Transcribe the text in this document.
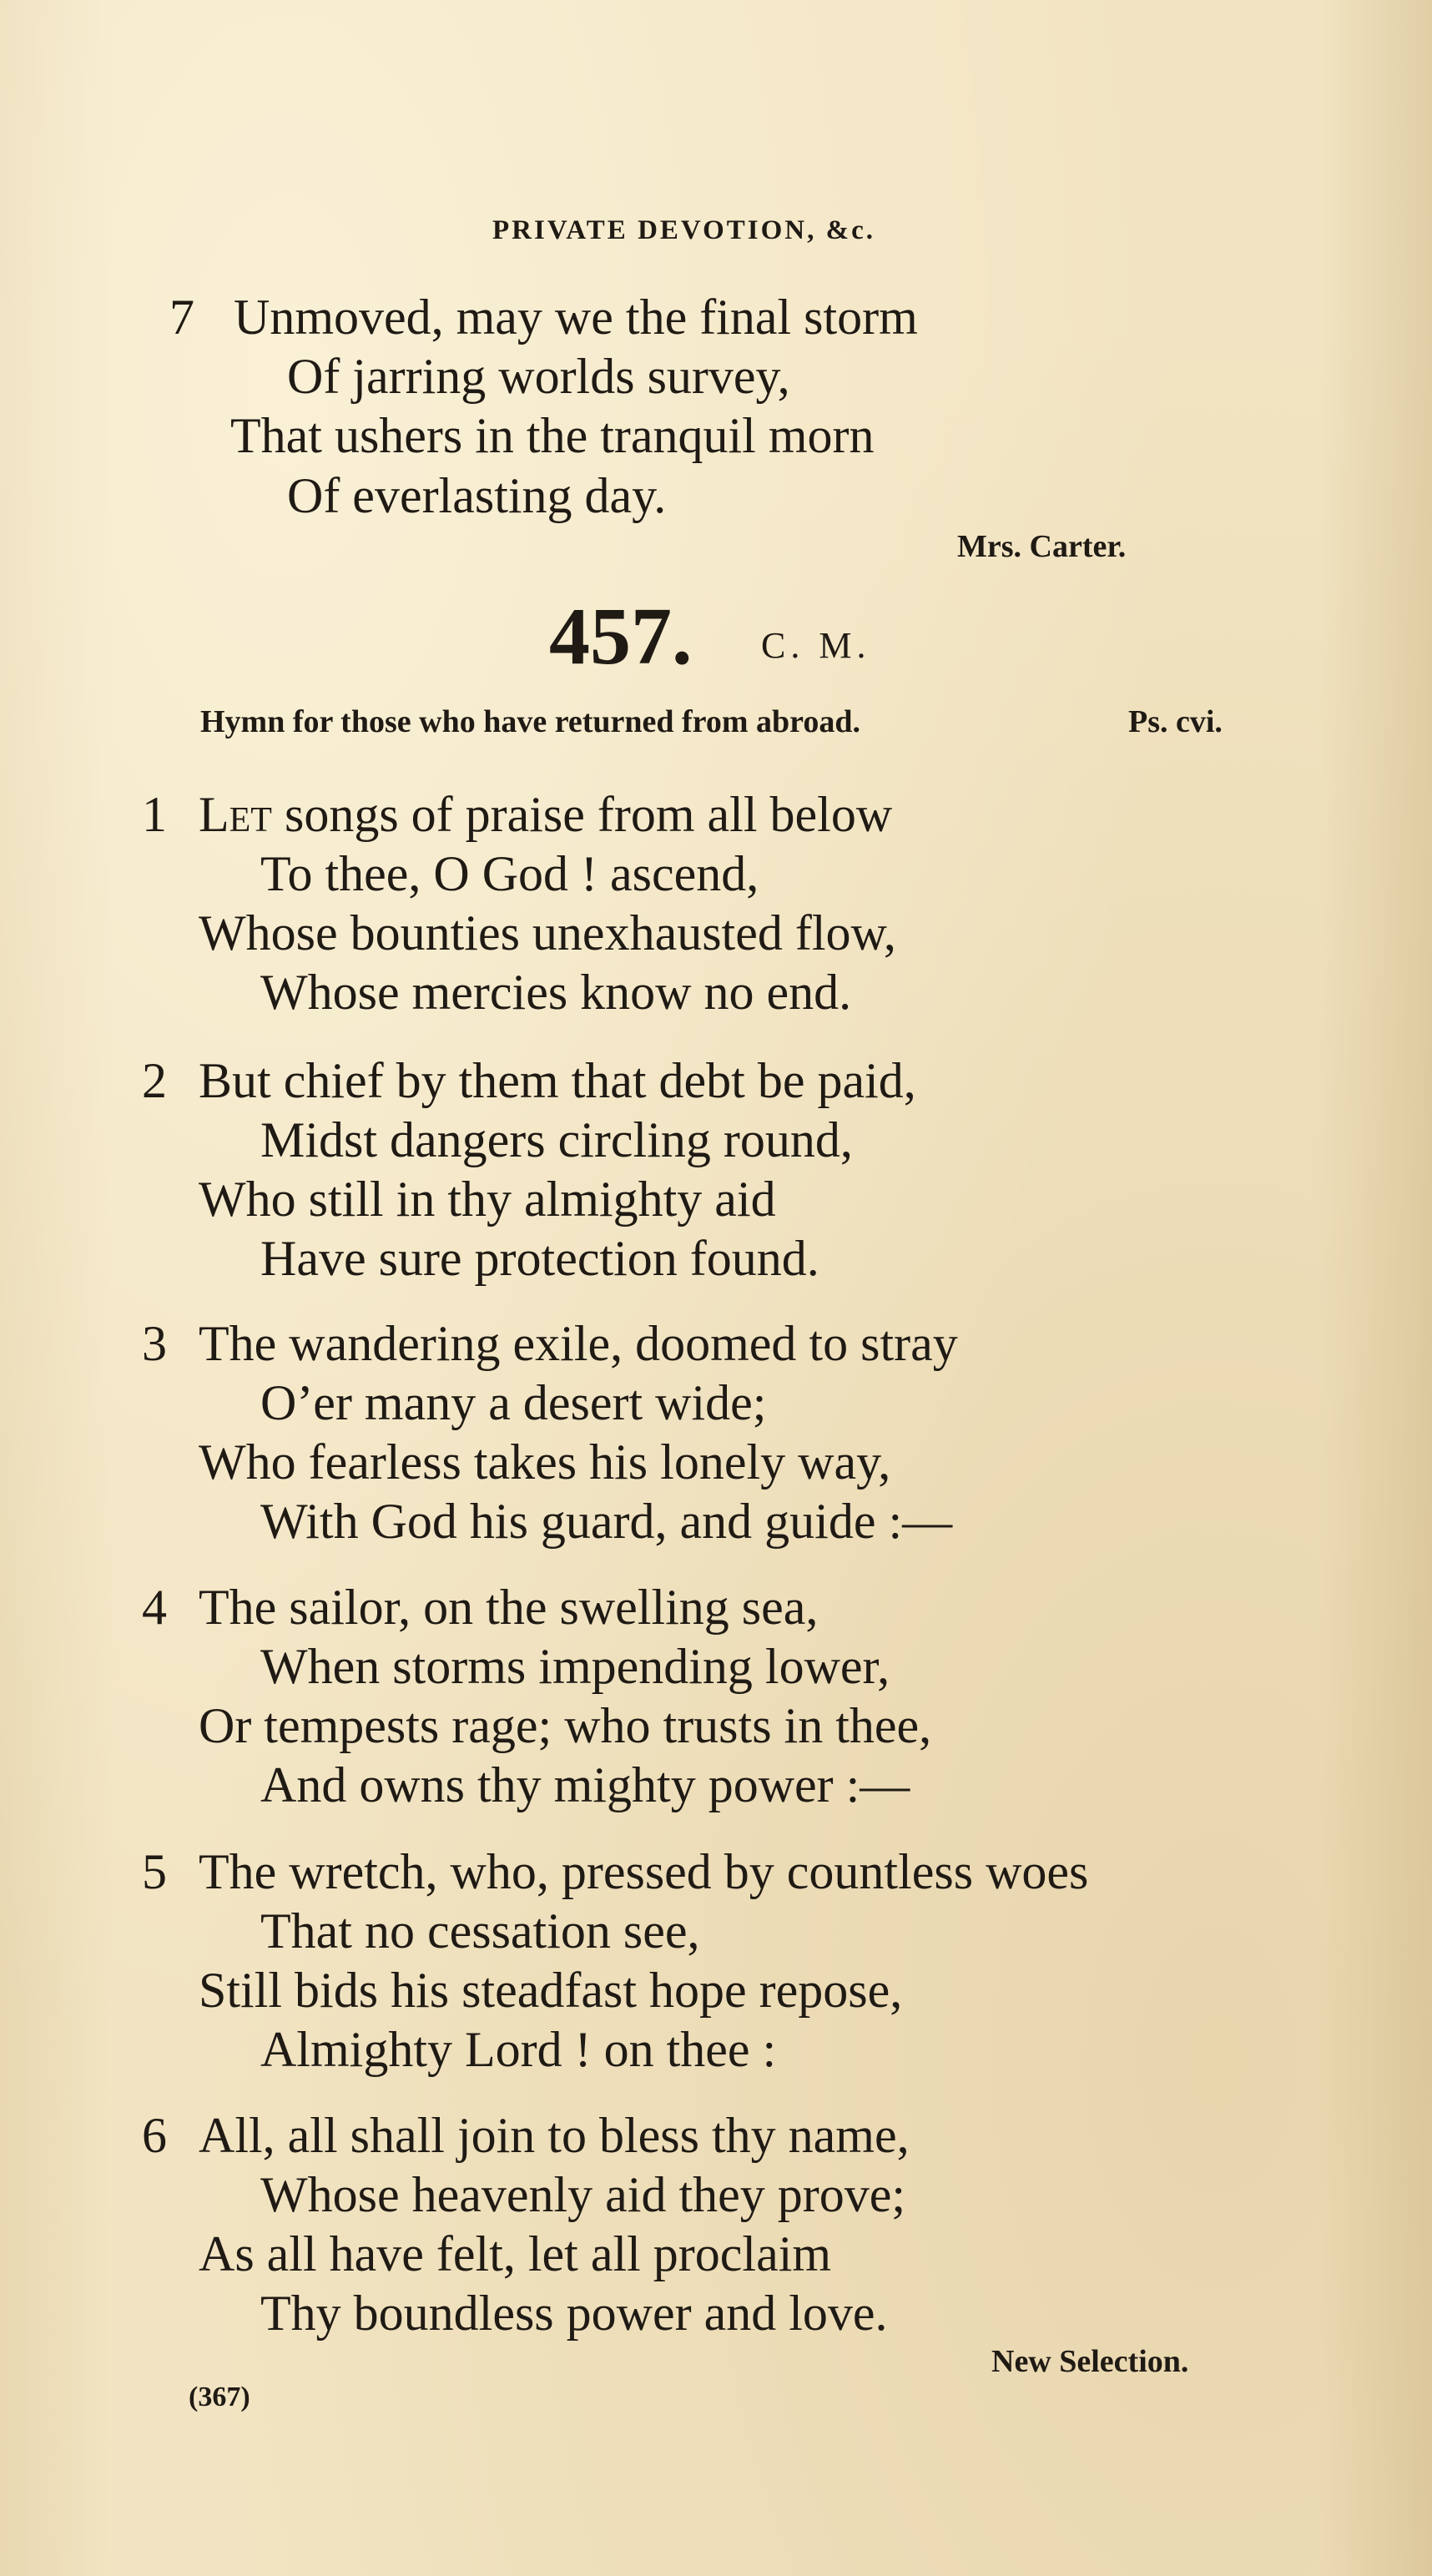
PRIVATE DEVOTION, &c.
7 Unmoved, may we the final storm
Of jarring worlds survey,
That ushers in the tranquil morn
Of everlasting day.
Mrs. Carter.
457. C. M.
Hymn for those who have returned from abroad.	Ps. cvi.
1 Let songs of praise from all below
To thee, O God ! ascend,
Whose bounties unexhausted flow,
Whose mercies know no end.
2 But chief by them that debt be paid,
Midst dangers circling round,
Who still in thy almighty aid
Have sure protection found.
3 The wandering exile, doomed to stray
O’er many a desert wide;
Who fearless takes his lonely way,
With God his guard, and guide :—
4 The sailor, on the swelling sea,
When storms impending lower,
Or tempests rage; who trusts in thee,
And owns thy mighty power :—
5 The wretch, who, pressed by countless woes
That no cessation see,
Still bids his steadfast hope repose,
Almighty Lord ! on thee :
6 All, all shall join to bless thy name,
Whose heavenly aid they prove;
As all have felt, let all proclaim
Thy boundless power and love.
New Selection.
(367)
